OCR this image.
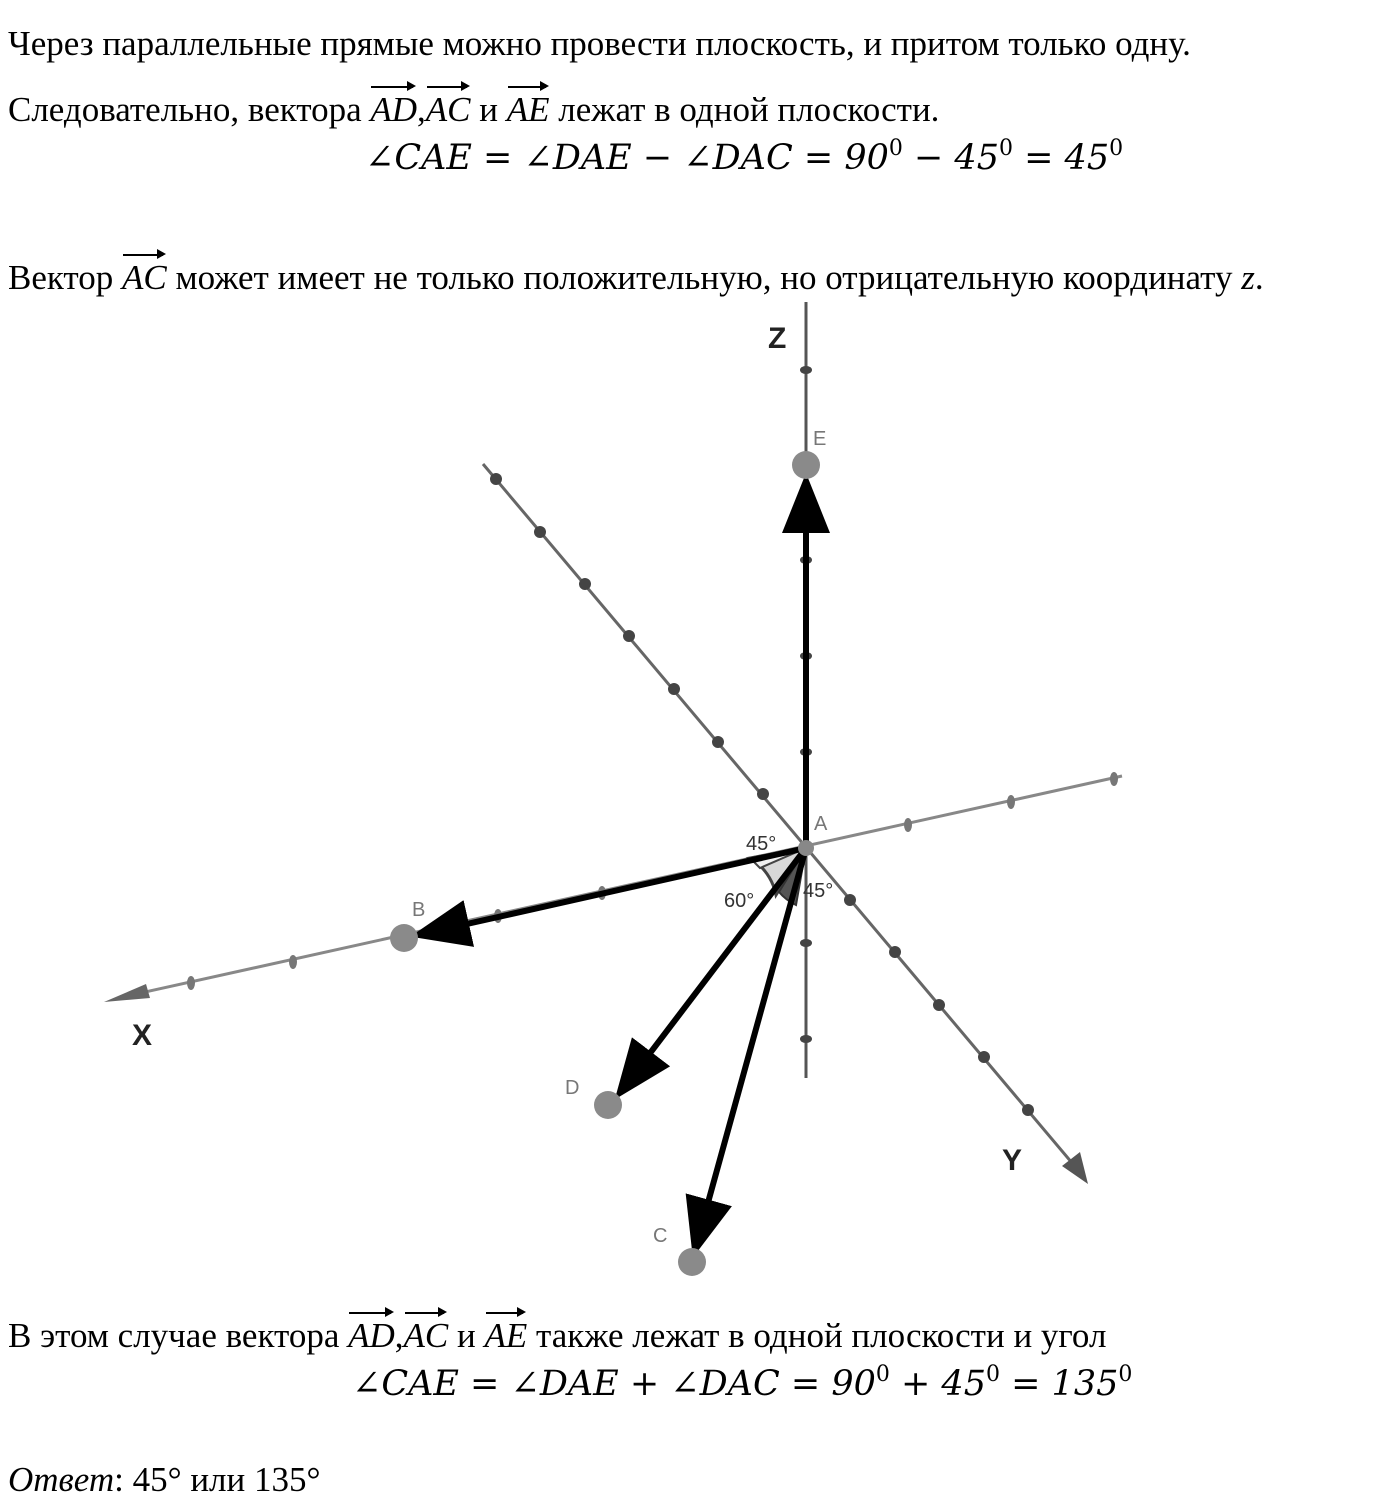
Через параллельные прямые можно провести плоскость, и притом только одну.
Следовательно, вектора AD,AC и AE лежат в одной плоскости.
∠CAE = ∠DAE − ∠DAC = $90^0 - 45^0 = 45^0$
Вектор AC может имеет не только положительную, но отрицательную координату z.
Z
X
Y
A
E
B
D
C
45°
60° 45°
В этом случае вектора AD,AC и AE также лежат в одной плоскости и угол
∠CAE = ∠DAE + ∠DAC = $90^0 + 45^0 = 135^0$
Ответ: 45° или 135°
